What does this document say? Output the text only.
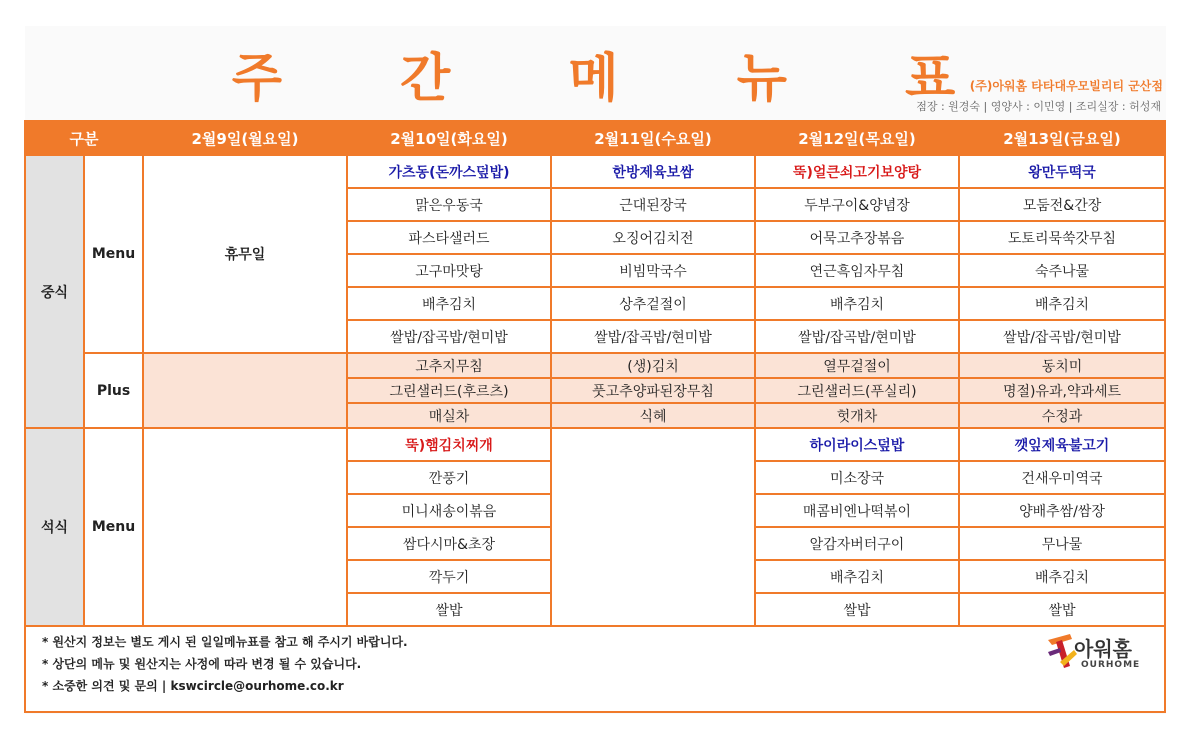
주 간 메 뉴 표
(주)아워홈 타타대우모빌리티 군산점
점장 : 원경숙 | 영양사 : 이민영 | 조리실장 : 허성재
구분		2월9일(월요일)	2월10일(화요일)	2월11일(수요일)	2월12일(목요일)	2월13일(금요일)
중식	Menu	휴무일	가츠동(돈까스덮밥)	한방제육보쌈	뚝)얼큰쇠고기보양탕	왕만두떡국
			맑은우동국	근대된장국	두부구이&양념장	모둠전&간장
			파스타샐러드	오징어김치전	어묵고추장볶음	도토리묵쑥갓무침
			고구마맛탕	비빔막국수	연근흑임자무침	숙주나물
			배추김치	상추겉절이	배추김치	배추김치
			쌀밥/잡곡밥/현미밥	쌀밥/잡곡밥/현미밥	쌀밥/잡곡밥/현미밥	쌀밥/잡곡밥/현미밥
	Plus		고추지무침	(생)김치	열무겉절이	동치미
			그린샐러드(후르츠)	풋고추양파된장무침	그린샐러드(푸실리)	명절)유과,약과세트
			매실차	식혜	헛개차	수정과
석식	Menu		뚝)햄김치찌개		하이라이스덮밥	깻잎제육불고기
			깐풍기		미소장국	건새우미역국
			미니새송이볶음		매콤비엔나떡볶이	양배추쌈/쌈장
			쌈다시마&초장		알감자버터구이	무나물
			깍두기		배추김치	배추김치
			쌀밥		쌀밥	쌀밥
* 원산지 정보는 별도 게시 된 일일메뉴표를 참고 해 주시기 바랍니다.
* 상단의 메뉴 및 원산지는 사정에 따라 변경 될 수 있습니다.
* 소중한 의견 및 문의 | kswcircle@ourhome.co.kr
아워홈
OURHOME
